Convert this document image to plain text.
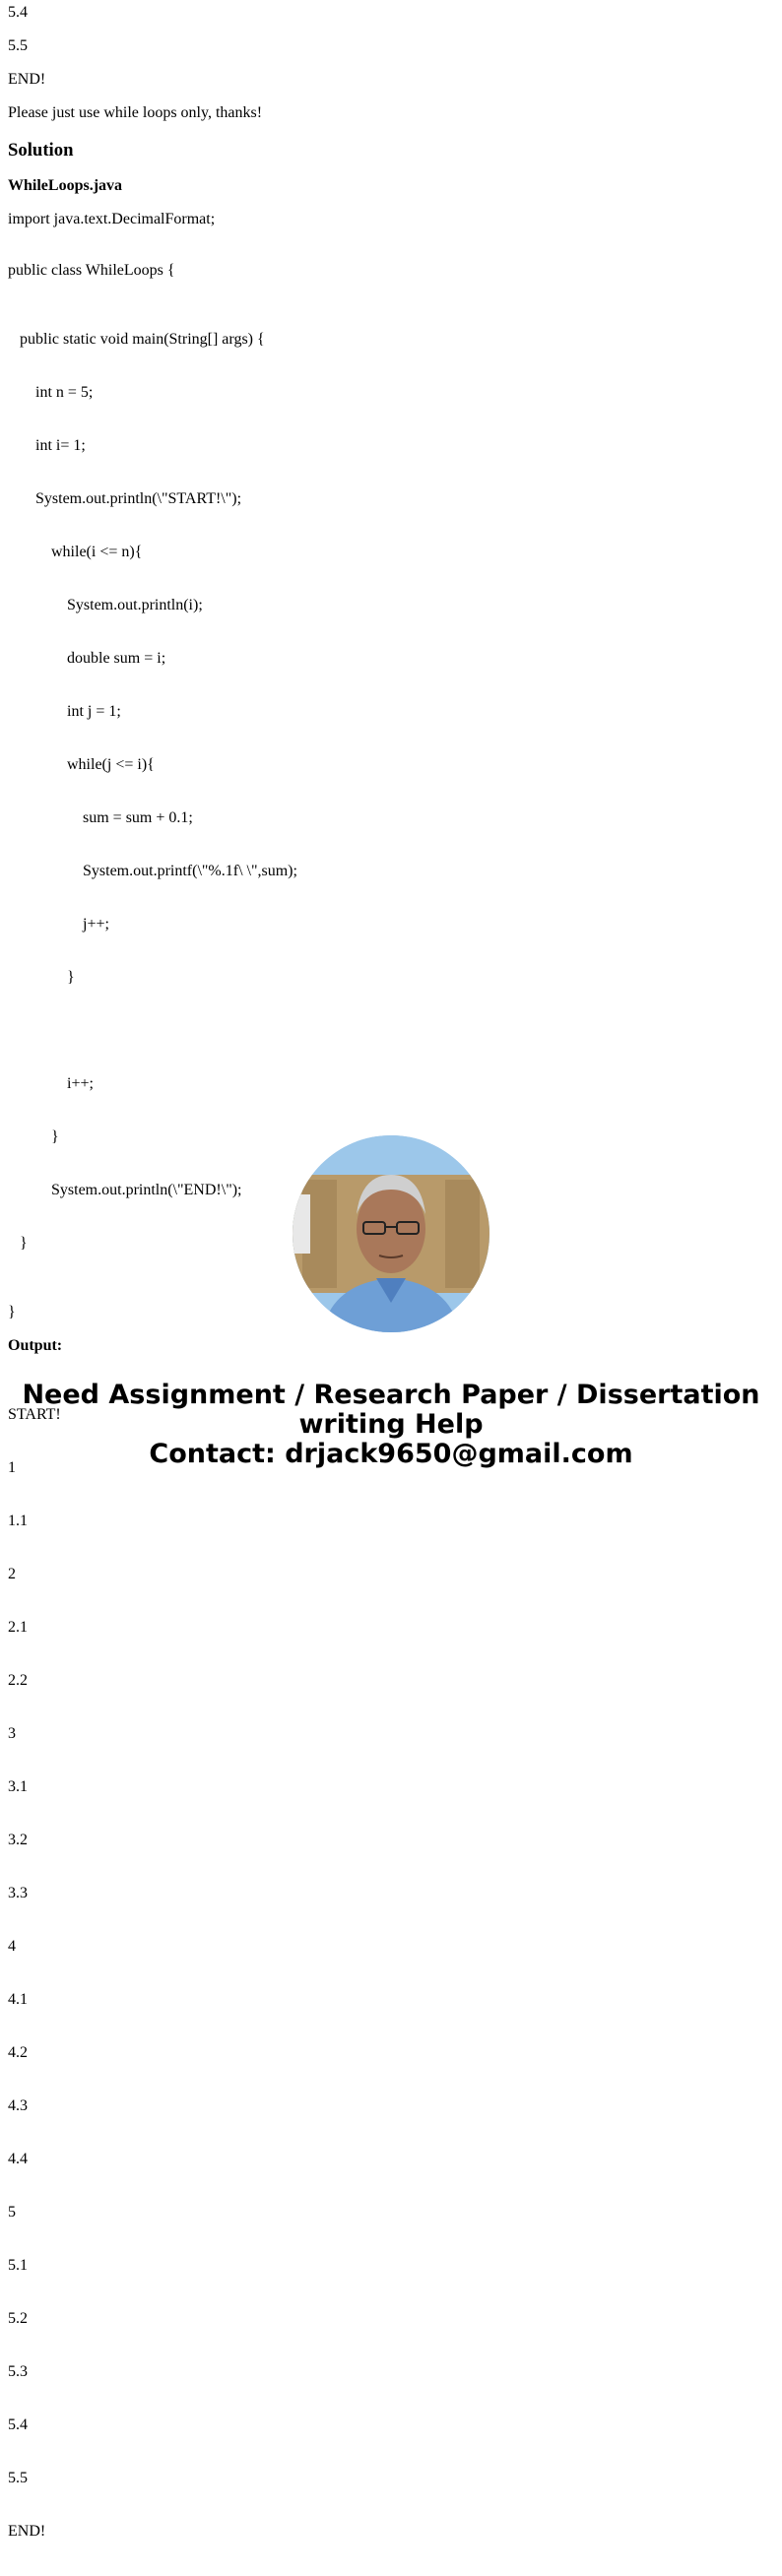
5.4

5.5

END!

Please just use while loops only, thanks!

Solution
WhileLoops.java

import java.text.DecimalFormat;

public class WhileLoops {

public static void main(String[] args) {

int n = 5;

int i= 1;

System.out.println(\"START!\");

while(i <= n){

System.out.println(i);

double sum = i;

int j = 1;

while(j <= i){

sum = sum + 0.1;

System.out.printf(\"%.1f\ \",sum);

j++;

}

i++;

}

System.out.println(\"END!\");

}

}

Output:

START!

1

1.1

2

2.1

2.2

3

3.1

3.2

3.3

4

4.1

4.2

4.3

4.4

5

5.1

5.2

5.3

5.4

5.5

END!

Need Assignment / Research Paper / Dissertation
writing Help
Contact: drjack9650@gmail.com
